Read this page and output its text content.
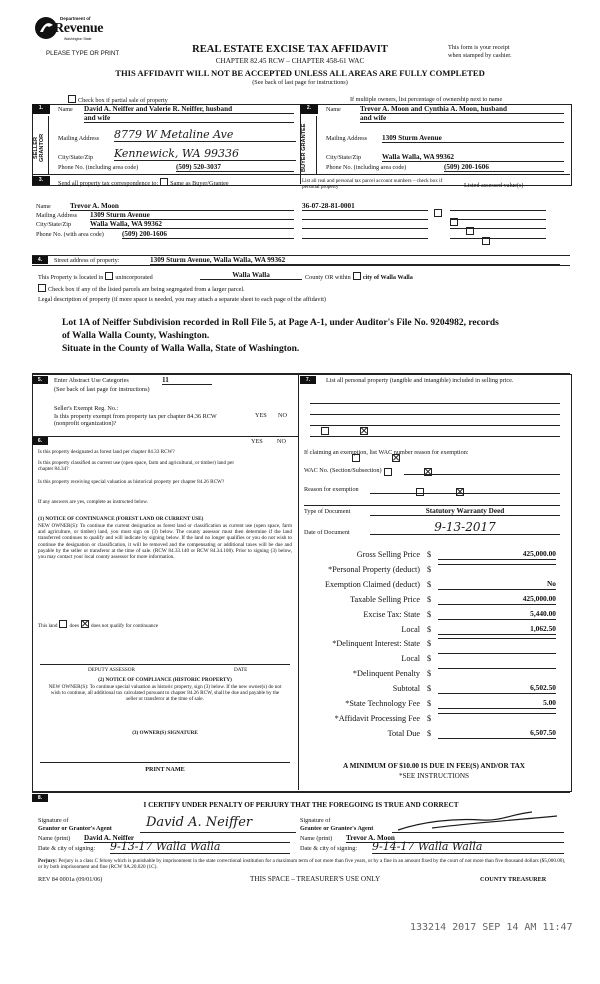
Department of
Revenue
Washington State
PLEASE TYPE OR PRINT	REAL ESTATE EXCISE TAX AFFIDAVIT
CHAPTER 82.45 RCW – CHAPTER 458-61 WAC
This form is your receipt
when stamped by cashier.
THIS AFFIDAVIT WILL NOT BE ACCEPTED UNLESS ALL AREAS ARE FULLY COMPLETED
(See back of last page for instructions)
Check box if partial sale of property	If multiple owners, list percentage of ownership next to name
1.
SELLER GRANTOR
Name David A. Neiffer and Valerie R. Neiffer, husband
and wife
Mailing Address 8779 W Metaline Ave
City/State/Zip Kennewick, WA 99336
Phone No. (including area code)	(509) 520-3037
2.
BUYER GRANTEE
Name	Trevor A. Moon and Cynthia A. Moon, husband
and wife
Mailing Address 1309 Sturm Avenue
City/State/Zip	Walla Walla, WA 99362
Phone No. (including area code)	(509) 200-1606
3.	Send all property tax correspondence to: Same as Buyer/Grantee	List all real and personal tax parcel account numbers – check box if personal property	Listed assessed value(s)
Name	Trevor A. Moon
Mailing Address 1309 Sturm Avenue
City/State/Zip	Walla Walla, WA 99362
Phone No. (with area code)	(509) 200-1606
36-07-28-81-0001

4.	Street address of property:	1309 Sturm Avenue, Walla Walla, WA 99362
This Property is located in unincorporated	Walla Walla	County OR within city of Walla Walla
Check box if any of the listed parcels are being segregated from a larger parcel.
Legal description of property (if more space is needed, you may attach a separate sheet to each page of the affidavit)
Lot 1A of Neiffer Subdivision recorded in Roll File 5, at Page A-1, under Auditor's File No. 9204982, records
of Walla Walla County, Washington.
Situate in the County of Walla Walla, State of Washington.
5.	Enter Abstract Use Categories	11
(See back of last page for instructions)
Seller's Exempt Reg. No.:
YES NO
Is this property exempt from property tax per chapter 84.36 RCW (nonprofit organization)?

6.	YES NO
Is this property designated as forest land per chapter 84.33 RCW?

Is this property classified as current use (open space, farm and agricultural, or timber) land per chapter 84.34?

Is this property receiving special valuation as historical property per chapter 84.26 RCW?

If any answers are yes, complete as instructed below.
(1) NOTICE OF CONTINUANCE (FOREST LAND OR CURRENT USE)
NEW OWNER(S): To continue the current designation as forest land or classification as current use (open space, farm and agriculture, or timber) land, you must sign on (3) below. The county assessor must then determine if the land transferred continues to qualify and will indicate by signing below. If the land no longer qualifies or you do not wish to continue the designation or classification, it will be removed and the compensating or additional taxes will be due and payable by the seller or transferor at the time of sale. (RCW 84.33.140 or RCW 84.34.108). Prior to signing (3) below, you may contact your local county assessor for more information.
This land does does not qualify for continuance
DEPUTY ASSESSOR	DATE
(2) NOTICE OF COMPLIANCE (HISTORIC PROPERTY)
NEW OWNER(S): To continue special valuation as historic property, sign (3) below. If the new owner(s) do not wish to continue, all additional tax calculated pursuant to chapter 84.26 RCW, shall be due and payable by the seller or transferor at the time of sale.
(3) OWNER(S) SIGNATURE
PRINT NAME
7.	List all personal property (tangible and intangible) included in selling price.
If claiming an exemption, list WAC number reason for exemption:
WAC No. (Section/Subsection)
Reason for exemption
Type of Document	Statutory Warranty Deed
Date of Document	9-13-2017
Gross Selling Price $	425,000.00
*Personal Property (deduct) $
Exemption Claimed (deduct) $	No
Taxable Selling Price $	425,000.00
Excise Tax: State $	5,440.00
Local $	1,062.50
*Delinquent Interest: State $
Local $
*Delinquent Penalty $
Subtotal $	6,502.50
*State Technology Fee $	5.00
*Affidavit Processing Fee $
Total Due $	6,507.50
A MINIMUM OF $10.00 IS DUE IN FEE(S) AND/OR TAX
*SEE INSTRUCTIONS
8.
I CERTIFY UNDER PENALTY OF PERJURY THAT THE FOREGOING IS TRUE AND CORRECT
Signature of
Grantor or Grantor's Agent	David A. Neiffer
Name (print) David A. Neiffer
Date & city of signing: 9-13-17 Walla Walla
Signature of
Grantee or Grantee's Agent
Name (print) Trevor A. Moon
Date & city of signing: 9-14-17 Walla Walla
Perjury: Perjury is a class C felony which is punishable by imprisonment in the state correctional institution for a maximum term of not more than five years, or by a fine in an amount fixed by the court of not more than five thousand dollars ($5,000.00), or by both imprisonment and fine (RCW 9A.20.020 (1C).
REV 84 0001a (09/01/06)	THIS SPACE – TREASURER'S USE ONLY	COUNTY TREASURER
133214 2017 SEP 14 AM 11:47
